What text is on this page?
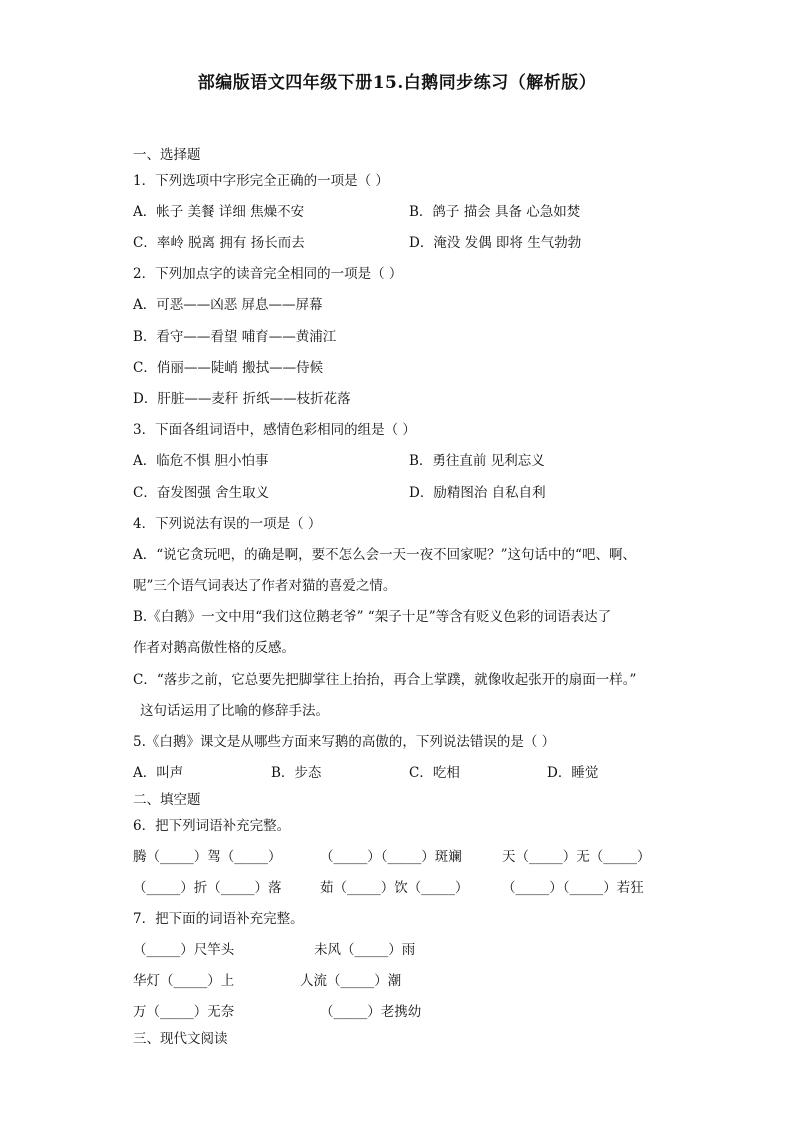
部编版语文四年级下册15.白鹅同步练习（解析版）
一、选择题
1．下列选项中字形完全正确的一项是（ ）
A．帐子 美餐 详细 焦燥不安	B．鸽子 描会 具备 心急如焚
C．率岭 脱离 拥有 扬长而去	D．淹没 发偶 即将 生气勃勃
2．下列加点字的读音完全相同的一项是（ ）
A．可恶——凶恶 屏息——屏幕
B．看守——看望 哺育——黄浦江
C．俏丽——陡峭 搬拭——侍候
D．肝脏——麦秆 折纸——枝折花落
3．下面各组词语中，感情色彩相同的组是（ ）
A．临危不惧 胆小怕事	B．勇往直前 见利忘义
C．奋发图强 舍生取义	D．励精图治 自私自利
4．下列说法有误的一项是（ ）
A．“说它贪玩吧，的确是啊，要不怎么会一天一夜不回家呢？”这句话中的“吧、啊、
呢”三个语气词表达了作者对猫的喜爱之情。
B.《白鹅》一文中用“我们这位鹅老爷” “架子十足”等含有贬义色彩的词语表达了
作者对鹅高傲性格的反感。
C．“落步之前，它总要先把脚掌往上抬抬，再合上掌蹼，就像收起张开的扇面一样。”
这句话运用了比喻的修辞手法。
5.《白鹅》课文是从哪些方面来写鹅的高傲的，下列说法错误的是（ ）
A．叫声	B．步态	C．吃相	D．睡觉
二、填空题
6．把下列词语补充完整。
腾（_____）驾（_____）	（_____）（_____）斑斓	天（_____）无（_____）
（_____）折（_____）落	茹（_____）饮（_____） （_____）（_____）若狂
7．把下面的词语补充完整。
（_____）尺竿头	未风（_____）雨
华灯（_____）上	人流（_____）潮
万（_____）无奈	（_____）老携幼
三、现代文阅读
